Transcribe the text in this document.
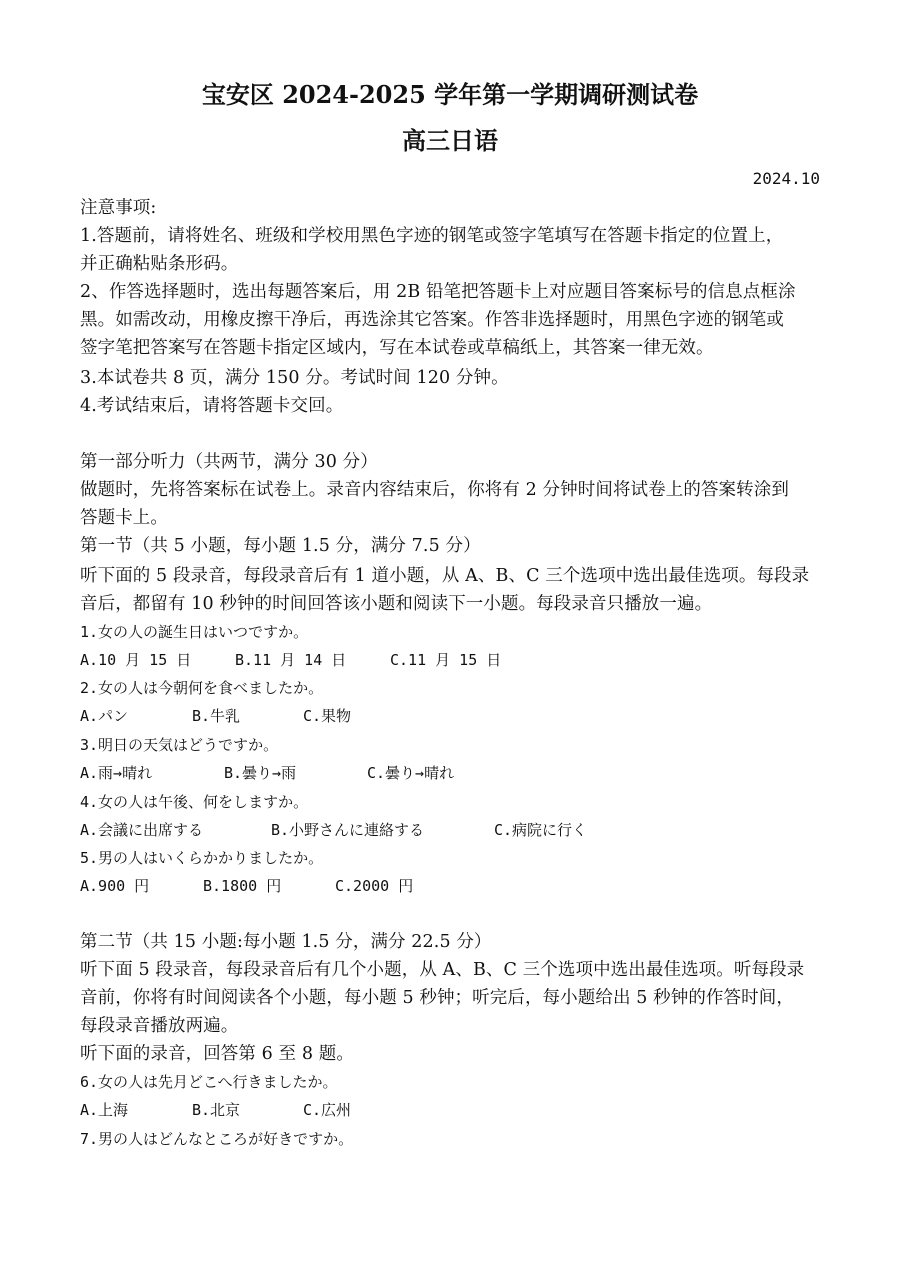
宝安区 2024-2025 学年第一学期调研测试卷
高三日语
2024.10
注意事项:
1.答题前，请将姓名、班级和学校用黑色字迹的钢笔或签字笔填写在答题卡指定的位置上，
并正确粘贴条形码。
2、作答选择题时，选出每题答案后，用 2B 铅笔把答题卡上对应题目答案标号的信息点框涂
黑。如需改动，用橡皮擦干净后，再选涂其它答案。作答非选择题时，用黑色字迹的钢笔或
签字笔把答案写在答题卡指定区域内，写在本试卷或草稿纸上，其答案一律无效。
3.本试卷共 8 页，满分 150 分。考试时间 120 分钟。
4.考试结束后，请将答题卡交回。
第一部分听力（共两节，满分 30 分）
做题时，先将答案标在试卷上。录音内容结束后，你将有 2 分钟时间将试卷上的答案转涂到
答题卡上。
第一节（共 5 小题，每小题 1.5 分，满分 7.5 分）
听下面的 5 段录音，每段录音后有 1 道小题，从 A、B、C 三个选项中选出最佳选项。每段录
音后，都留有 10 秒钟的时间回答该小题和阅读下一小题。每段录音只播放一遍。
1.女の人の誕生日はいつですか。
A.10 月 15 日	B.11 月 14 日	C.11 月 15 日
2.女の人は今朝何を食べましたか。
A.パン	B.牛乳	C.果物
3.明日の天気はどうですか。
A.雨→晴れ	B.曇り→雨	C.曇り→晴れ
4.女の人は午後、何をしますか。
A.会議に出席する	B.小野さんに連絡する	C.病院に行く
5.男の人はいくらかかりましたか。
A.900 円	B.1800 円	C.2000 円
第二节（共 15 小题:每小题 1.5 分，满分 22.5 分）
听下面 5 段录音，每段录音后有几个小题，从 A、B、C 三个选项中选出最佳选项。听每段录
音前，你将有时间阅读各个小题，每小题 5 秒钟；听完后，每小题给出 5 秒钟的作答时间，
每段录音播放两遍。
听下面的录音，回答第 6 至 8 题。
6.女の人は先月どこへ行きましたか。
A.上海	B.北京	C.広州
7.男の人はどんなところが好きですか。
